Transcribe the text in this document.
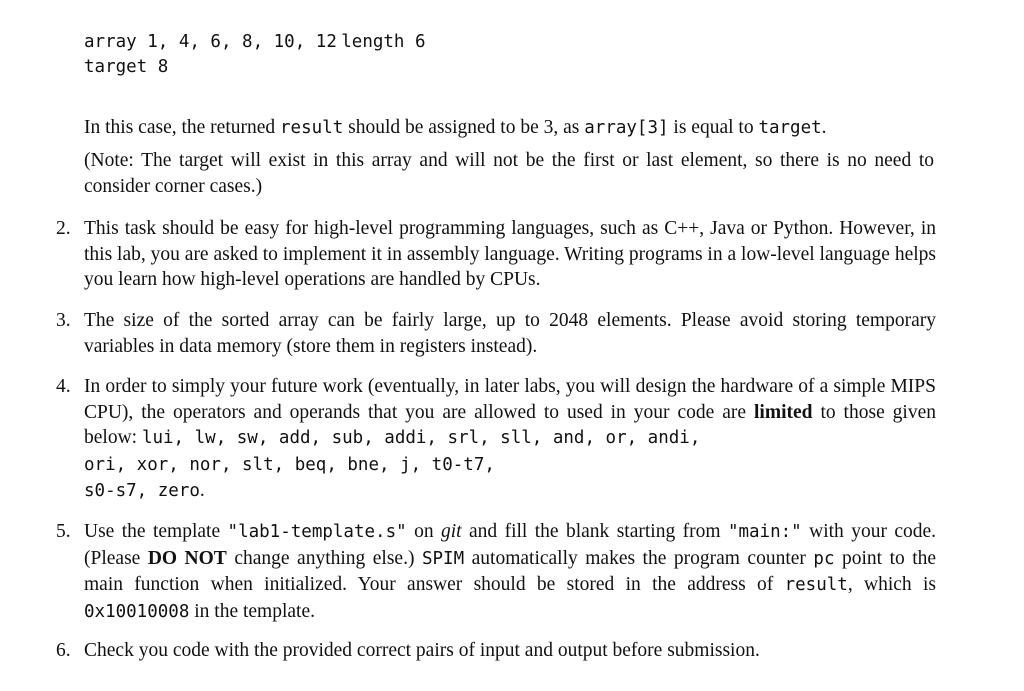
array 1, 4, 6, 8, 10, 12 length 6
target 8
In this case, the returned result should be assigned to be 3, as array[3] is equal to target.
(Note: The target will exist in this array and will not be the first or last element, so there is no need to consider corner cases.)
2. This task should be easy for high-level programming languages, such as C++, Java or Python. However, in this lab, you are asked to implement it in assembly language. Writing programs in a low-level language helps you learn how high-level operations are handled by CPUs.
3. The size of the sorted array can be fairly large, up to 2048 elements. Please avoid storing temporary variables in data memory (store them in registers instead).
4. In order to simply your future work (eventually, in later labs, you will design the hardware of a simple MIPS CPU), the operators and operands that you are allowed to used in your code are limited to those given below: lui, lw, sw, add, sub, addi, srl, sll, and, or, andi,
ori, xor, nor, slt, beq, bne, j, t0-t7,
s0-s7, zero.
5. Use the template "lab1-template.s" on git and fill the blank starting from "main:" with your code. (Please DO NOT change anything else.) SPIM automatically makes the program counter pc point to the main function when initialized. Your answer should be stored in the address of result, which is 0x10010008 in the template.
6. Check you code with the provided correct pairs of input and output before submission.
